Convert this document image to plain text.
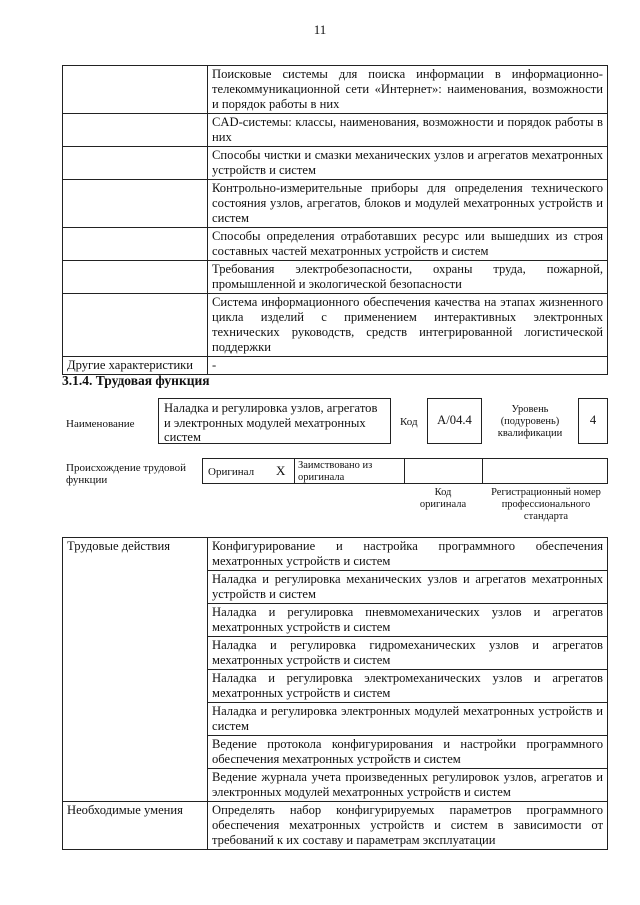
11
	Поисковые системы для поиска информации в информационно-телекоммуникационной сети «Интернет»: наименования, возможности и порядок работы в них
	CAD-системы: классы, наименования, возможности и порядок работы в них
	Способы чистки и смазки механических узлов и агрегатов мехатронных устройств и систем
	Контрольно-измерительные приборы для определения технического состояния узлов, агрегатов, блоков и модулей мехатронных устройств и систем
	Способы определения отработавших ресурс или вышедших из строя составных частей мехатронных устройств и систем
	Требования электробезопасности, охраны труда, пожарной, промышленной и экологической безопасности
	Система информационного обеспечения качества на этапах жизненного цикла изделий с применением интерактивных электронных технических руководств, средств интегрированной логистической поддержки
Другие характеристики	-
3.1.4. Трудовая функция
Наименование
Наладка и регулировка узлов, агрегатов и электронных модулей мехатронных систем
Код	A/04.4
Уровень (подуровень) квалификации
4
Происхождение трудовой функции
Оригинал X Заимствовано из оригинала
Код оригинала
Регистрационный номер профессионального стандарта
Трудовые действия	Конфигурирование и настройка программного обеспечения мехатронных устройств и систем
	Наладка и регулировка механических узлов и агрегатов мехатронных устройств и систем
	Наладка и регулировка пневмомеханических узлов и агрегатов мехатронных устройств и систем
	Наладка и регулировка гидромеханических узлов и агрегатов мехатронных устройств и систем
	Наладка и регулировка электромеханических узлов и агрегатов мехатронных устройств и систем
	Наладка и регулировка электронных модулей мехатронных устройств и систем
	Ведение протокола конфигурирования и настройки программного обеспечения мехатронных устройств и систем
	Ведение журнала учета произведенных регулировок узлов, агрегатов и электронных модулей мехатронных устройств и систем
Необходимые умения	Определять набор конфигурируемых параметров программного обеспечения мехатронных устройств и систем в зависимости от требований к их составу и параметрам эксплуатации
